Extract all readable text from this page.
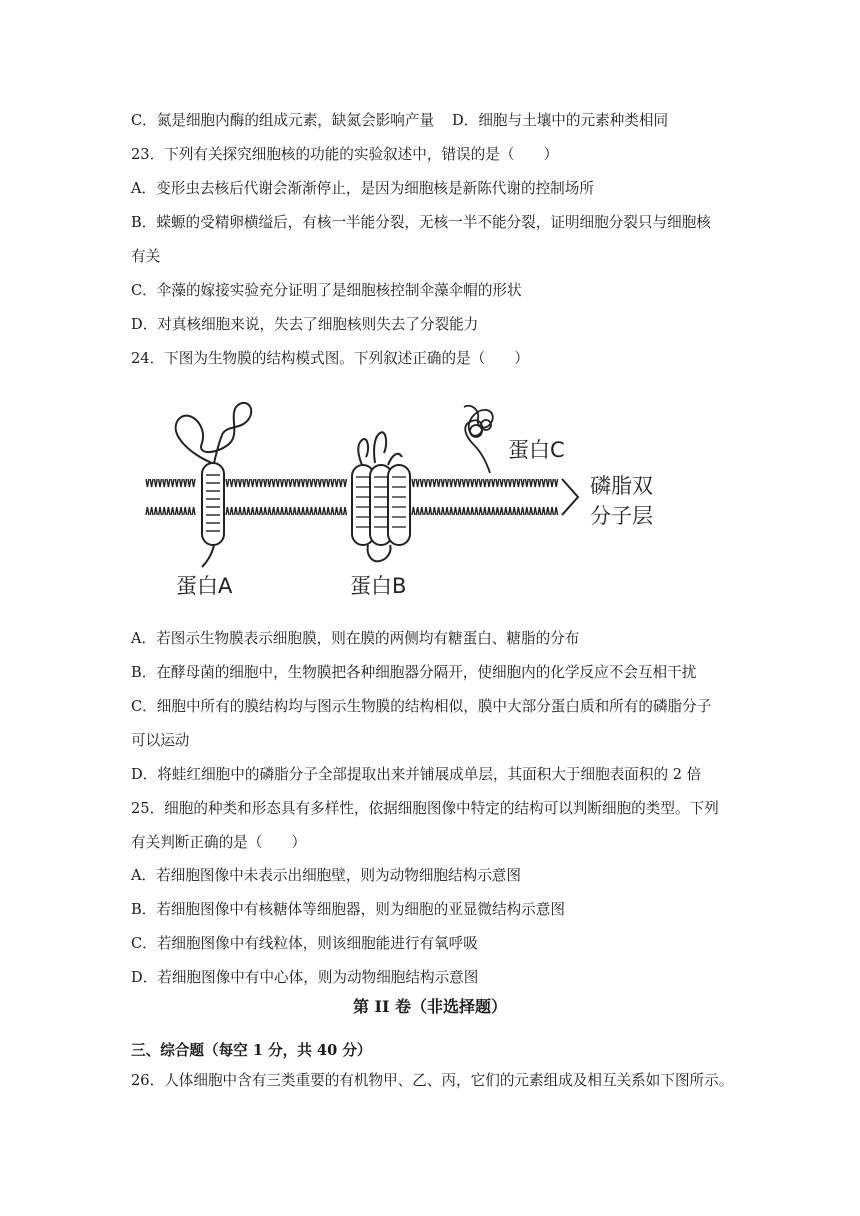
C．氮是细胞内酶的组成元素，缺氮会影响产量 D．细胞与土壤中的元素种类相同
23．下列有关探究细胞核的功能的实验叙述中，错误的是（　　）
A．变形虫去核后代谢会渐渐停止，是因为细胞核是新陈代谢的控制场所
B．蝾螈的受精卵横缢后，有核一半能分裂，无核一半不能分裂，证明细胞分裂只与细胞核
有关
C．伞藻的嫁接实验充分证明了是细胞核控制伞藻伞帽的形状
D．对真核细胞来说，失去了细胞核则失去了分裂能力
24．下图为生物膜的结构模式图。下列叙述正确的是（　　）
蛋白C
磷脂双
分子层
蛋白A	蛋白B
A．若图示生物膜表示细胞膜，则在膜的两侧均有糖蛋白、糖脂的分布
B．在酵母菌的细胞中，生物膜把各种细胞器分隔开，使细胞内的化学反应不会互相干扰
C．细胞中所有的膜结构均与图示生物膜的结构相似，膜中大部分蛋白质和所有的磷脂分子
可以运动
D．将蛙红细胞中的磷脂分子全部提取出来并铺展成单层，其面积大于细胞表面积的 2 倍
25．细胞的种类和形态具有多样性，依据细胞图像中特定的结构可以判断细胞的类型。下列
有关判断正确的是（　　）
A．若细胞图像中未表示出细胞壁，则为动物细胞结构示意图
B．若细胞图像中有核糖体等细胞器，则为细胞的亚显微结构示意图
C．若细胞图像中有线粒体，则该细胞能进行有氧呼吸
D．若细胞图像中有中心体，则为动物细胞结构示意图
第 II 卷（非选择题）
三、综合题（每空 1 分，共 40 分）
26．人体细胞中含有三类重要的有机物甲、乙、丙，它们的元素组成及相互关系如下图所示。
